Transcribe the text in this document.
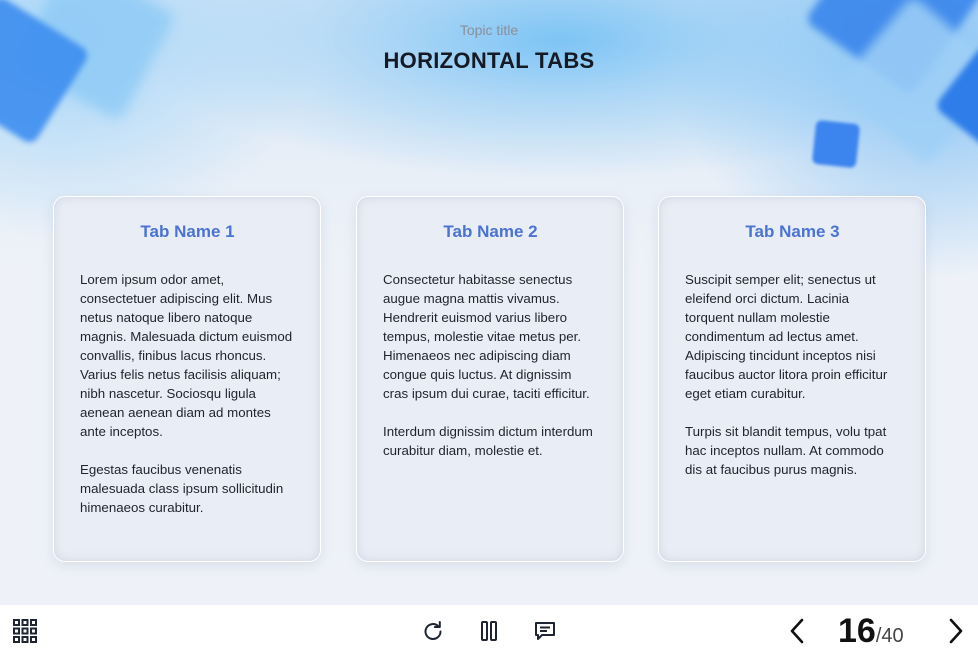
Topic title
HORIZONTAL TABS
Tab Name 1

Lorem ipsum odor amet, consectetuer adipiscing elit. Mus netus natoque libero natoque magnis. Malesuada dictum euismod convallis, finibus lacus rhoncus. Varius felis netus facilisis aliquam; nibh nascetur. Sociosqu ligula aenean aenean diam ad montes ante inceptos.

Egestas faucibus venenatis malesuada class ipsum sollicitudin himenaeos curabitur.

Tab Name 2

Consectetur habitasse senectus augue magna mattis vivamus. Hendrerit euismod varius libero tempus, molestie vitae metus per. Himenaeos nec adipiscing diam congue quis luctus. At dignissim cras ipsum dui curae, taciti efficitur.

Interdum dignissim dictum interdum curabitur diam, molestie et.

Tab Name 3

Suscipit semper elit; senectus ut eleifend orci dictum. Lacinia torquent nullam molestie condimentum ad lectus amet. Adipiscing tincidunt inceptos nisi faucibus auctor litora proin efficitur eget etiam curabitur.

Turpis sit blandit tempus, volu tpat hac inceptos nullam. At commodo dis at faucibus purus magnis.

16 / 40
